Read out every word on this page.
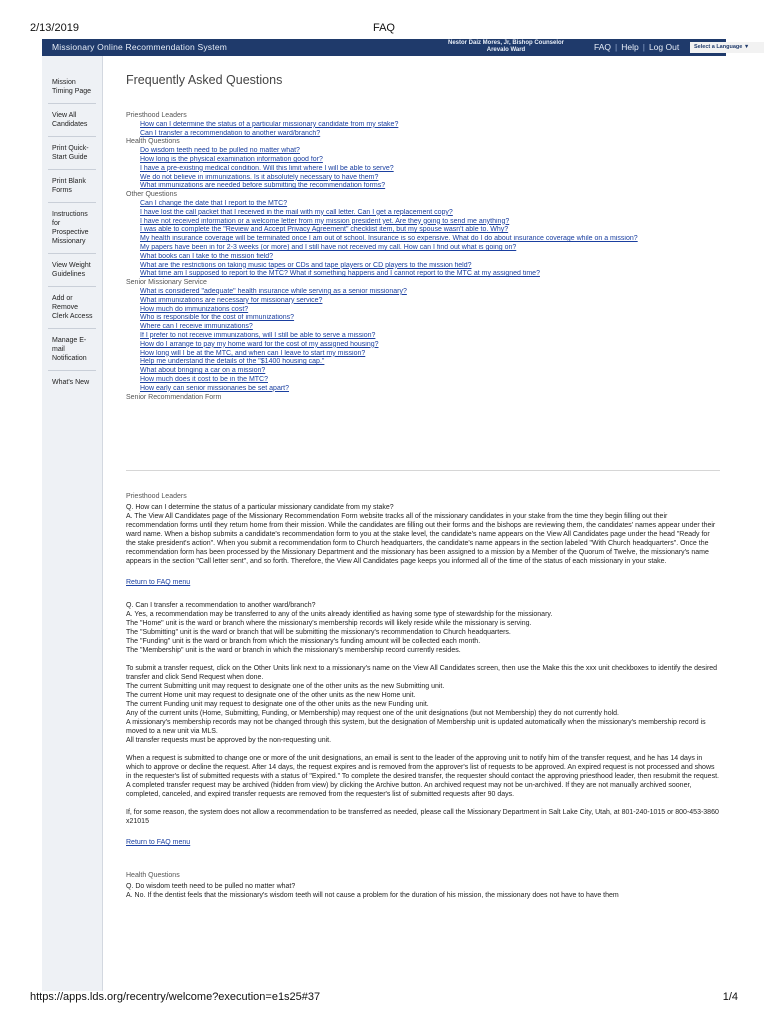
2/13/2019	FAQ
Missionary Online Recommendation System	Nestor Daiz Mores, Jr, Bishop Counselor
Arevalo Ward	FAQ | Help | Log Out	Select a Language ▼
Mission Timing Page
View All Candidates
Print Quick-Start Guide
Print Blank Forms
Instructions for Prospective Missionary
View Weight Guidelines
Add or Remove Clerk Access
Manage E-mail Notification
What's New
Frequently Asked Questions
Priesthood Leaders
• How can I determine the status of a particular missionary candidate from my stake?
• Can I transfer a recommendation to another ward/branch?
Health Questions
• Do wisdom teeth need to be pulled no matter what?
• How long is the physical examination information good for?
• I have a pre-existing medical condition. Will this limit where I will be able to serve?
• We do not believe in immunizations. Is it absolutely necessary to have them?
• What immunizations are needed before submitting the recommendation forms?
Other Questions
• Can I change the date that I report to the MTC?
• I have lost the call packet that I received in the mail with my call letter. Can I get a replacement copy?
• I have not received information or a welcome letter from my mission president yet. Are they going to send me anything?
• I was able to complete the "Review and Accept Privacy Agreement" checklist item, but my spouse wasn't able to. Why?
• My health insurance coverage will be terminated once I am out of school. Insurance is so expensive. What do I do about insurance coverage while on a mission?
• My papers have been in for 2-3 weeks (or more) and I still have not received my call. How can I find out what is going on?
• What books can I take to the mission field?
• What are the restrictions on taking music tapes or CDs and tape players or CD players to the mission field?
• What time am I supposed to report to the MTC? What if something happens and I cannot report to the MTC at my assigned time?
Senior Missionary Service
• What is considered "adequate" health insurance while serving as a senior missionary?
• What immunizations are necessary for missionary service?
• How much do immunizations cost?
• Who is responsible for the cost of immunizations?
• Where can I receive immunizations?
• If I prefer to not receive immunizations, will I still be able to serve a mission?
• How do I arrange to pay my home ward for the cost of my assigned housing?
• How long will I be at the MTC, and when can I leave to start my mission?
• Help me understand the details of the "$1400 housing cap."
• What about bringing a car on a mission?
• How much does it cost to be in the MTC?
• How early can senior missionaries be set apart?
Senior Recommendation Form

Priesthood Leaders

Q. How can I determine the status of a particular missionary candidate from my stake?

A. The View All Candidates page of the Missionary Recommendation Form website tracks all of the missionary candidates in your stake from the time they begin filling out their recommendation forms until they return home from their mission. While the candidates are filling out their forms and the bishops are reviewing them, the candidates' names appear under their ward name. When a bishop submits a candidate's recommendation form to you at the stake level, the candidate's name appears on the View All Candidates page under the head "Ready for the stake president's action". When you submit a recommendation form to Church headquarters, the candidate's name appears in the section labeled "With Church headquarters". Once the recommendation form has been processed by the Missionary Department and the missionary has been assigned to a mission by a Member of the Quorum of Twelve, the missionary's name appears in the section "Call letter sent", and so forth. Therefore, the View All Candidates page keeps you informed all of the time of the status of each missionary in your stake.

Return to FAQ menu

Q. Can I transfer a recommendation to another ward/branch?

A. Yes, a recommendation may be transferred to any of the units already identified as having some type of stewardship for the missionary.

The "Home" unit is the ward or branch where the missionary's membership records will likely reside while the missionary is serving.

The "Submitting" unit is the ward or branch that will be submitting the missionary's recommendation to Church headquarters.

The "Funding" unit is the ward or branch from which the missionary's funding amount will be collected each month.

The "Membership" unit is the ward or branch in which the missionary's membership record currently resides.

To submit a transfer request, click on the Other Units link next to a missionary's name on the View All Candidates screen, then use the Make this the xxx unit checkboxes to identify the desired transfer and click Send Request when done.

The current Submitting unit may request to designate one of the other units as the new Submitting unit.

The current Home unit may request to designate one of the other units as the new Home unit.

The current Funding unit may request to designate one of the other units as the new Funding unit.

Any of the current units (Home, Submitting, Funding, or Membership) may request one of the unit designations (but not Membership) they do not currently hold.

A missionary's membership records may not be changed through this system, but the designation of Membership unit is updated automatically when the missionary's membership record is moved to a new unit via MLS.

All transfer requests must be approved by the non-requesting unit.

When a request is submitted to change one or more of the unit designations, an email is sent to the leader of the approving unit to notify him of the transfer request, and he has 14 days in which to approve or decline the request. After 14 days, the request expires and is removed from the approver's list of requests to be approved. An expired request is not processed and shows in the requester's list of submitted requests with a status of "Expired." To complete the desired transfer, the requester should contact the approving priesthood leader, then resubmit the request. A completed transfer request may be archived (hidden from view) by clicking the Archive button. An archived request may not be un-archived. If they are not manually archived sooner, completed, canceled, and expired transfer requests are removed from the requester's list of submitted requests after 90 days.

If, for some reason, the system does not allow a recommendation to be transferred as needed, please call the Missionary Department in Salt Lake City, Utah, at 801-240-1015 or 800-453-3860 x21015

Return to FAQ menu

Health Questions

Q. Do wisdom teeth need to be pulled no matter what?

A. No. If the dentist feels that the missionary's wisdom teeth will not cause a problem for the duration of his mission, the missionary does not have to have them

https://apps.lds.org/recentry/welcome?execution=e1s25#37	1/4
